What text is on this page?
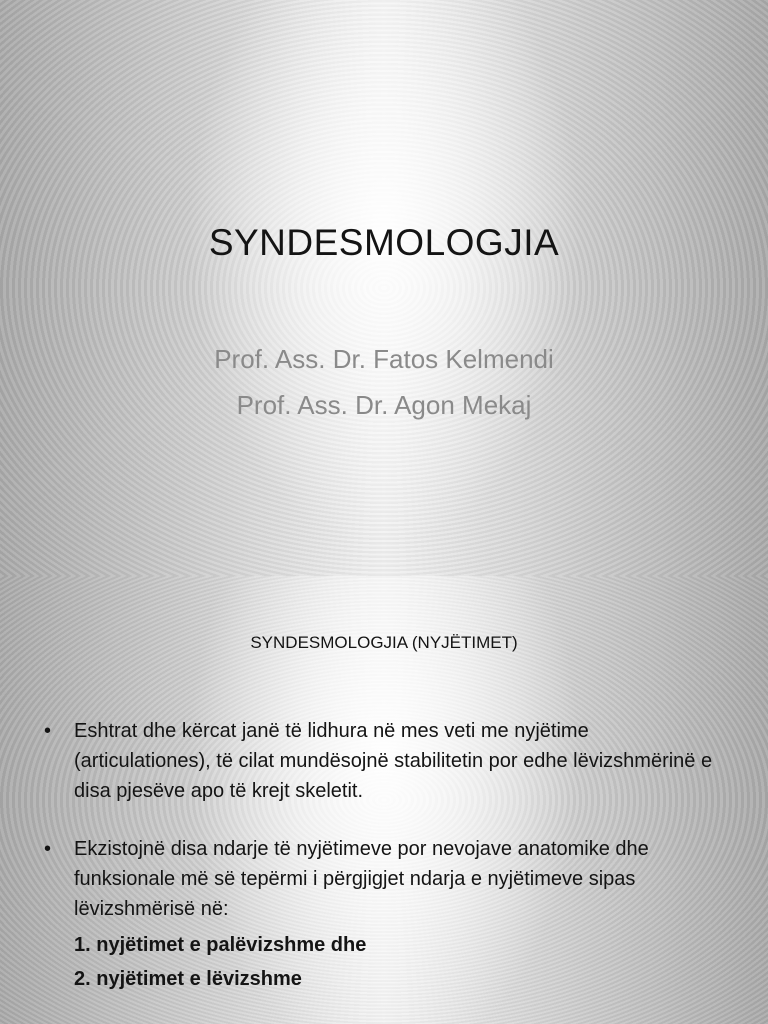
SYNDESMOLOGJIA
Prof. Ass. Dr. Fatos Kelmendi
Prof. Ass. Dr. Agon Mekaj
SYNDESMOLOGJIA (NYJËTIMET)
• Eshtrat dhe kërcat janë të lidhura në mes veti me nyjëtime (articulationes), të cilat mundësojnë stabilitetin por edhe lëvizshmërinë e disa pjesëve apo të krejt skeletit.
• Ekzistojnë disa ndarje të nyjëtimeve por nevojave anatomike dhe funksionale më së tepërmi i përgjigjet ndarja e nyjëtimeve sipas lëvizshmërisë në:
1. nyjëtimet e palëvizshme dhe
2. nyjëtimet e lëvizshme
